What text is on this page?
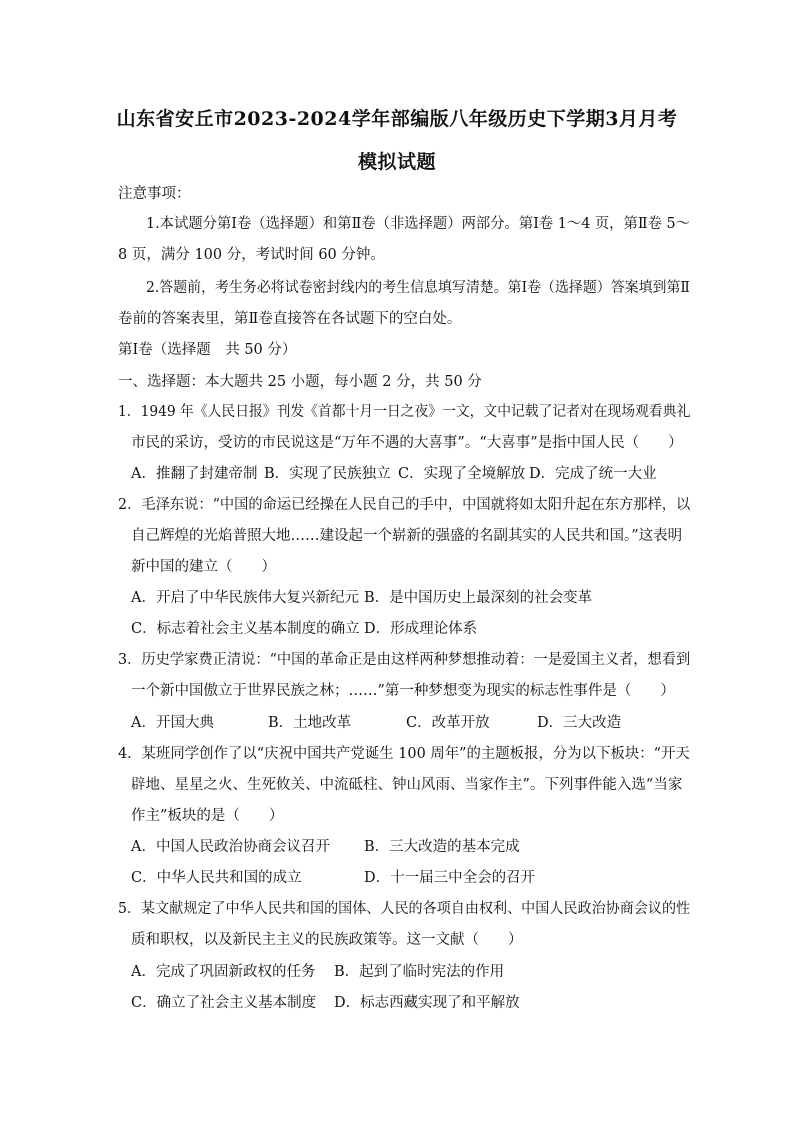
山东省安丘市2023-2024学年部编版八年级历史下学期3月月考
模拟试题
注意事项：
1.本试题分第Ⅰ卷（选择题）和第Ⅱ卷（非选择题）两部分。第Ⅰ卷 1～4 页，第Ⅱ卷 5～
8 页，满分 100 分，考试时间 60 分钟。
2.答题前，考生务必将试卷密封线内的考生信息填写清楚。第Ⅰ卷（选择题）答案填到第Ⅱ
卷前的答案表里，第Ⅱ卷直接答在各试题下的空白处。
第Ⅰ卷（选择题　共 50 分）
一、选择题：本大题共 25 小题，每小题 2 分，共 50 分
1．1949 年《人民日报》刊发《首都十月一日之夜》一文，文中记载了记者对在现场观看典礼
市民的采访，受访的市民说这是“万年不遇的大喜事”。“大喜事”是指中国人民（　　）
A．推翻了封建帝制 B．实现了民族独立 C．实现了全境解放 D．完成了统一大业
2．毛泽东说：“中国的命运已经操在人民自己的手中，中国就将如太阳升起在东方那样，以
自己辉煌的光焰普照大地……建设起一个崭新的强盛的名副其实的人民共和国。”这表明
新中国的建立（　　）
A．开启了中华民族伟大复兴新纪元 B．是中国历史上最深刻的社会变革
C．标志着社会主义基本制度的确立 D．形成理论体系
3．历史学家费正清说：“中国的革命正是由这样两种梦想推动着：一是爱国主义者，想看到
一个新中国傲立于世界民族之林；……”第一种梦想变为现实的标志性事件是（　　）
A．开国大典	B．土地改革	C．改革开放	D．三大改造
4．某班同学创作了以“庆祝中国共产党诞生 100 周年”的主题板报，分为以下板块：“开天
辟地、星星之火、生死攸关、中流砥柱、钟山风雨、当家作主”。下列事件能入选“当家
作主”板块的是（　　）
A．中国人民政治协商会议召开 B．三大改造的基本完成
C．中华人民共和国的成立	D．十一届三中全会的召开
5．某文献规定了中华人民共和国的国体、人民的各项自由权利、中国人民政治协商会议的性
质和职权，以及新民主主义的民族政策等。这一文献（　　）
A．完成了巩固新政权的任务 B．起到了临时宪法的作用
C．确立了社会主义基本制度 D．标志西藏实现了和平解放
